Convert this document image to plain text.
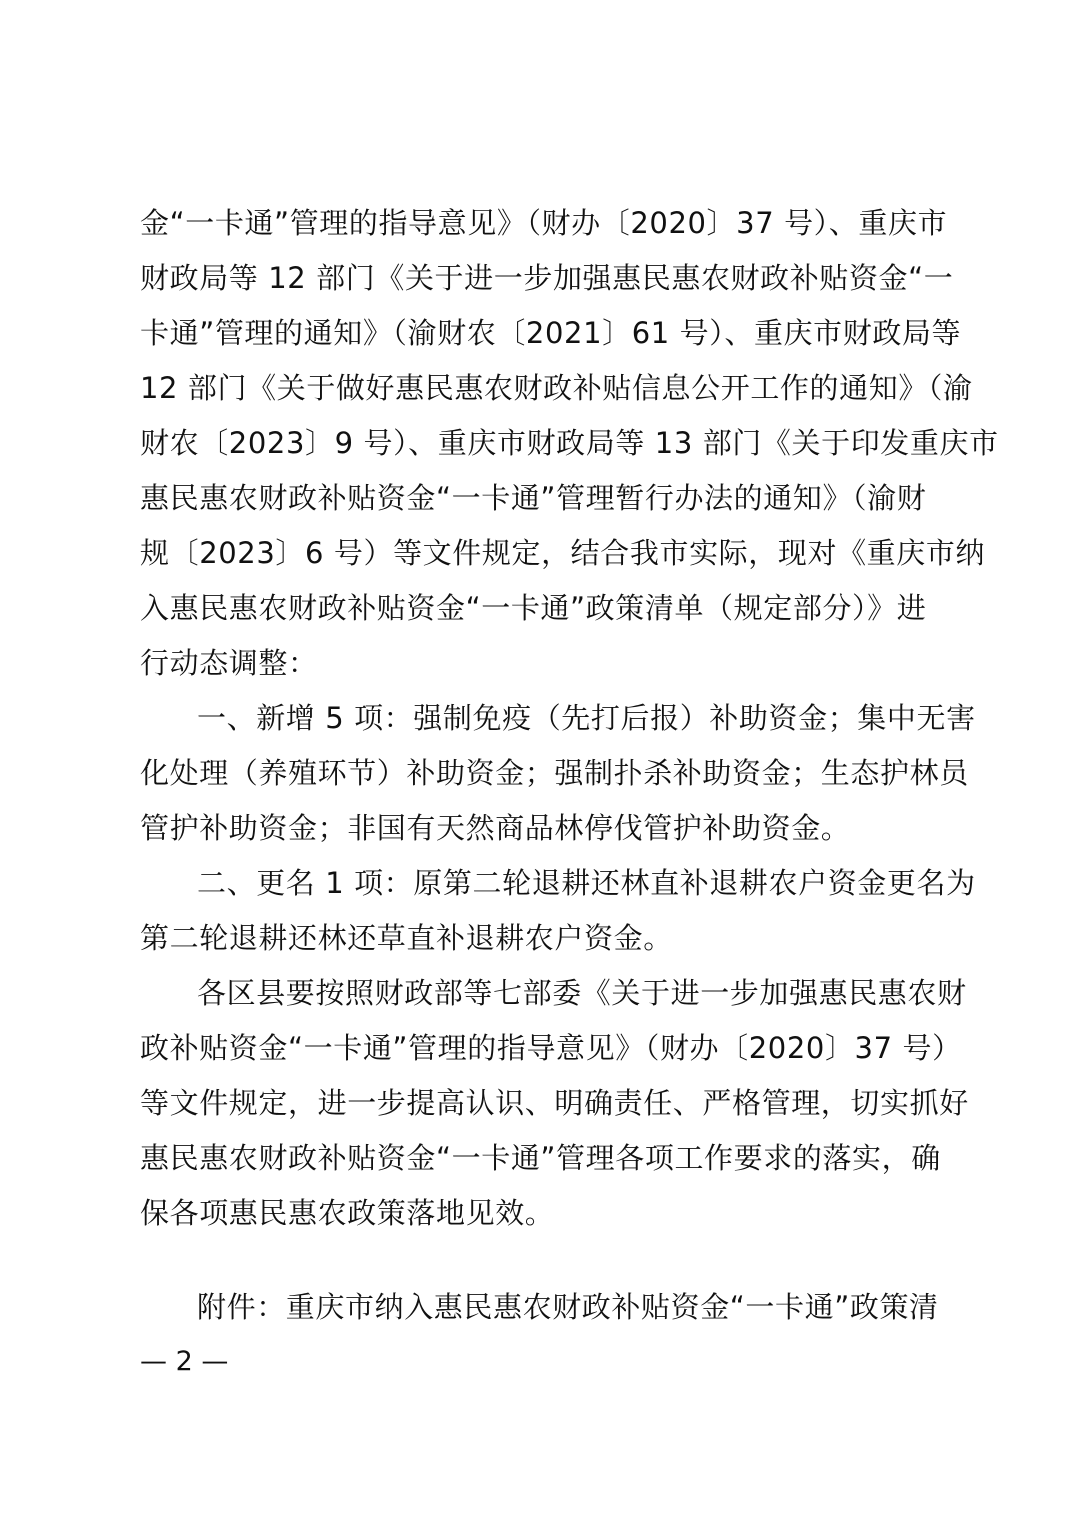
金“一卡通”管理的指导意见》（财办〔2020〕37 号）、重庆市
财政局等 12 部门《关于进一步加强惠民惠农财政补贴资金“一
卡通”管理的通知》（渝财农〔2021〕61 号）、重庆市财政局等
12 部门《关于做好惠民惠农财政补贴信息公开工作的通知》（渝
财农〔2023〕9 号）、重庆市财政局等 13 部门《关于印发重庆市
惠民惠农财政补贴资金“一卡通”管理暂行办法的通知》（渝财
规〔2023〕6 号）等文件规定，结合我市实际，现对《重庆市纳
入惠民惠农财政补贴资金“一卡通”政策清单（规定部分）》进
行动态调整：
一、新增 5 项：强制免疫（先打后报）补助资金；集中无害
化处理（养殖环节）补助资金；强制扑杀补助资金；生态护林员
管护补助资金；非国有天然商品林停伐管护补助资金。
二、更名 1 项：原第二轮退耕还林直补退耕农户资金更名为
第二轮退耕还林还草直补退耕农户资金。
各区县要按照财政部等七部委《关于进一步加强惠民惠农财
政补贴资金“一卡通”管理的指导意见》（财办〔2020〕37 号）
等文件规定，进一步提高认识、明确责任、严格管理，切实抓好
惠民惠农财政补贴资金“一卡通”管理各项工作要求的落实，确
保各项惠民惠农政策落地见效。
附件：重庆市纳入惠民惠农财政补贴资金“一卡通”政策清
— 2 —
